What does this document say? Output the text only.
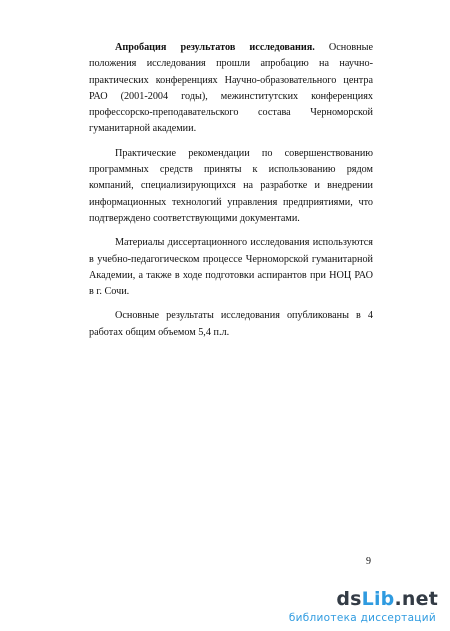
Апробация результатов исследования. Основные положения исследования прошли апробацию на научно-практических конференциях Научно-образовательного центра РАО (2001-2004 годы), межинститутских конференциях профессорско-преподавательского состава Черноморской гуманитарной академии.

Практические рекомендации по совершенствованию программных средств приняты к использованию рядом компаний, специализирующихся на разработке и внедрении информационных технологий управления предприятиями, что подтверждено соответствующими документами.

Материалы диссертационного исследования используются в учебно-педагогическом процессе Черноморской гуманитарной Академии, а также в ходе подготовки аспирантов при НОЦ РАО в г. Сочи.

Основные результаты исследования опубликованы в 4 работах общим объемом 5,4 п.л.

9
dsLib.net
библиотека диссертаций
